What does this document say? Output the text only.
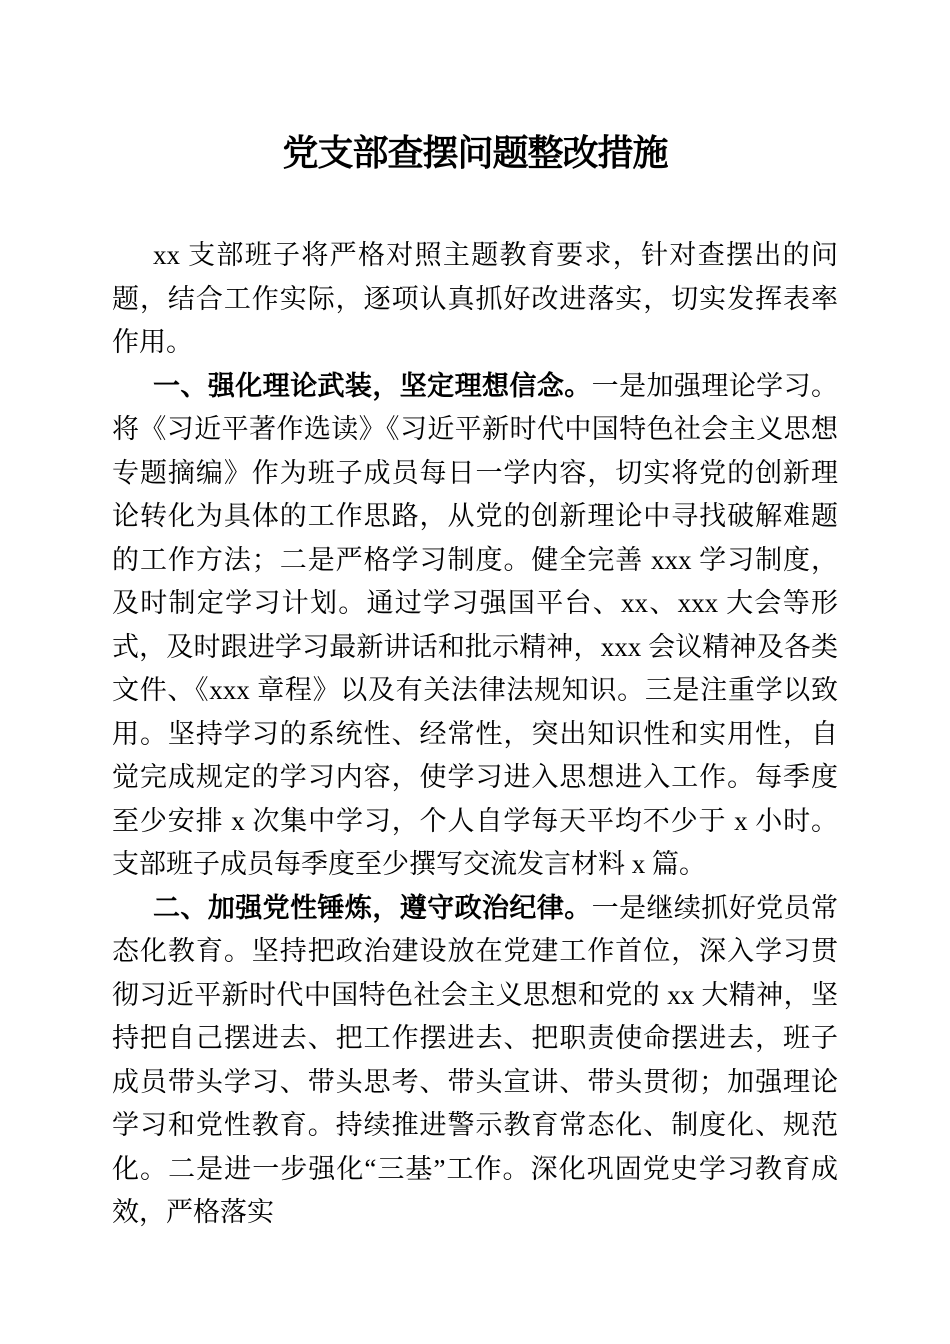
党支部查摆问题整改措施

xx 支部班子将严格对照主题教育要求，针对查摆出的问题，结合工作实际，逐项认真抓好改进落实，切实发挥表率作用。

一、强化理论武装，坚定理想信念。一是加强理论学习。将《习近平著作选读》《习近平新时代中国特色社会主义思想专题摘编》作为班子成员每日一学内容，切实将党的创新理论转化为具体的工作思路，从党的创新理论中寻找破解难题的工作方法；二是严格学习制度。健全完善 xxx 学习制度，及时制定学习计划。通过学习强国平台、xx、xxx 大会等形式，及时跟进学习最新讲话和批示精神，xxx 会议精神及各类文件、《xxx 章程》以及有关法律法规知识。三是注重学以致用。坚持学习的系统性、经常性，突出知识性和实用性，自觉完成规定的学习内容，使学习进入思想进入工作。每季度至少安排 x 次集中学习，个人自学每天平均不少于 x 小时。支部班子成员每季度至少撰写交流发言材料 x 篇。

二、加强党性锤炼，遵守政治纪律。一是继续抓好党员常态化教育。坚持把政治建设放在党建工作首位，深入学习贯彻习近平新时代中国特色社会主义思想和党的 xx 大精神，坚持把自己摆进去、把工作摆进去、把职责使命摆进去，班子成员带头学习、带头思考、带头宣讲、带头贯彻；加强理论学习和党性教育。持续推进警示教育常态化、制度化、规范化。二是进一步强化“三基”工作。深化巩固党史学习教育成效，严格落实
